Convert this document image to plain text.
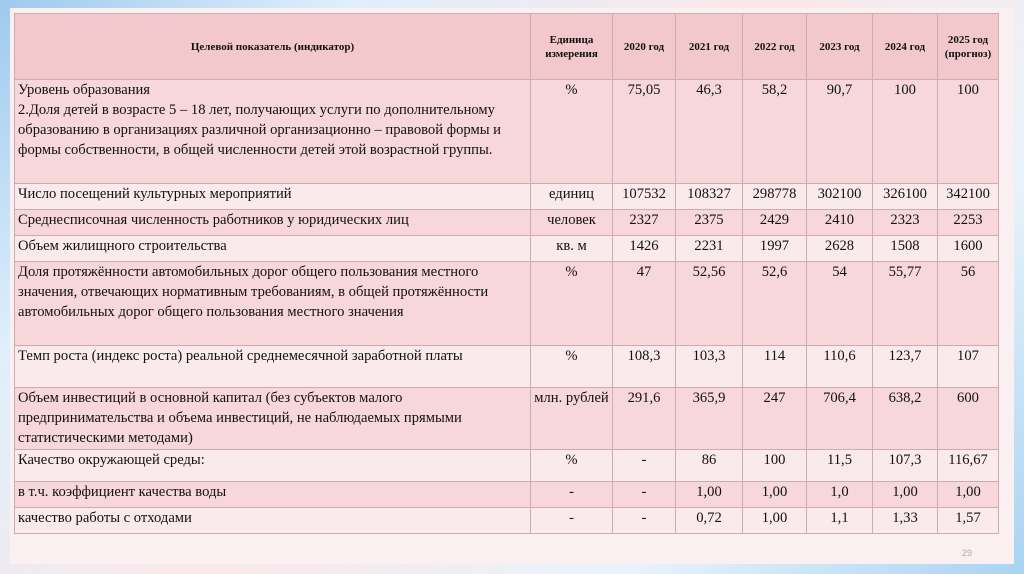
Целевой показатель (индикатор)	Единица измерения	2020 год	2021 год	2022 год	2023 год	2024 год	2025 год (прогноз)
Уровень образования
2.Доля детей в возрасте 5 – 18 лет, получающих услуги по дополнительному образованию в организациях различной организационно – правовой формы и формы собственности, в общей численности детей этой возрастной группы.	%	75,05	46,3	58,2	90,7	100	100
Число посещений культурных мероприятий	единиц	107532	108327	298778	302100	326100	342100
Среднесписочная численность работников у юридических лиц	человек	2327	2375	2429	2410	2323	2253
Объем жилищного строительства	кв. м	1426	2231	1997	2628	1508	1600
Доля протяжённости автомобильных дорог общего пользования местного значения, отвечающих нормативным требованиям, в общей протяжённости автомобильных дорог общего пользования местного значения	%	47	52,56	52,6	54	55,77	56
Темп роста (индекс роста) реальной среднемесячной заработной платы	%	108,3	103,3	114	110,6	123,7	107
Объем инвестиций в основной капитал (без субъектов малого предпринимательства и объема инвестиций, не наблюдаемых прямыми статистическими методами)	млн. рублей	291,6	365,9	247	706,4	638,2	600
Качество окружающей среды:	%	-	86	100	11,5	107,3	116,67
в т.ч. коэффициент качества воды	-	-	1,00	1,00	1,0	1,00	1,00
качество работы с отходами	-	-	0,72	1,00	1,1	1,33	1,57
29
